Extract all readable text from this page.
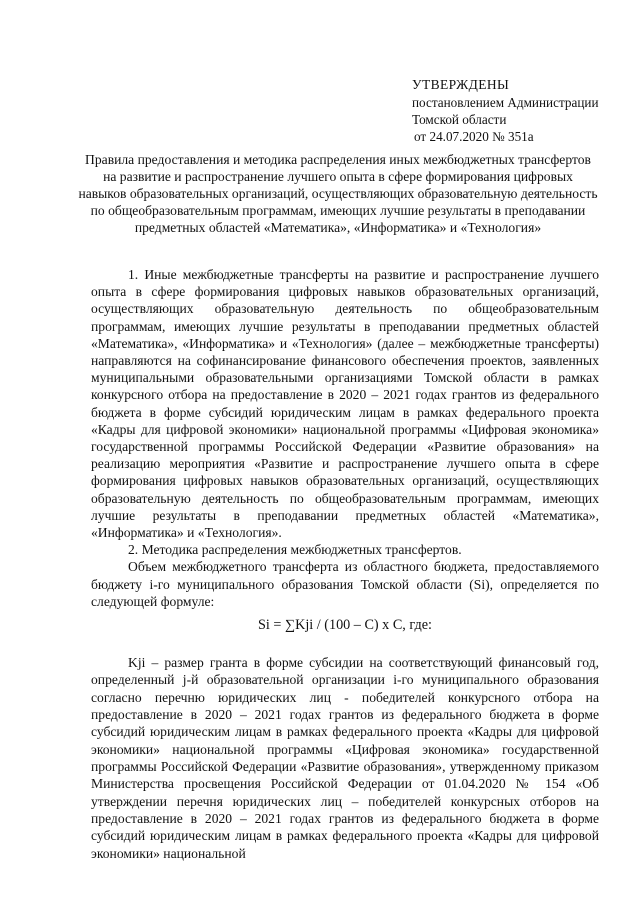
УТВЕРЖДЕНЫ
постановлением Администрации
Томской области
от 24.07.2020 № 351а
Правила предоставления и методика распределения иных межбюджетных трансфертов на развитие и распространение лучшего опыта в сфере формирования цифровых навыков образовательных организаций, осуществляющих образовательную деятельность по общеобразовательным программам, имеющих лучшие результаты в преподавании предметных областей «Математика», «Информатика» и «Технология»

1. Иные межбюджетные трансферты на развитие и распространение лучшего опыта в сфере формирования цифровых навыков образовательных организаций, осуществляющих образовательную деятельность по общеобразовательным программам, имеющих лучшие результаты в преподавании предметных областей «Математика», «Информатика» и «Технология» (далее – межбюджетные трансферты) направляются на софинансирование финансового обеспечения проектов, заявленных муниципальными образовательными организациями Томской области в рамках конкурсного отбора на предоставление в 2020 – 2021 годах грантов из федерального бюджета в форме субсидий юридическим лицам в рамках федерального проекта «Кадры для цифровой экономики» национальной программы «Цифровая экономика» государственной программы Российской Федерации «Развитие образования» на реализацию мероприятия «Развитие и распространение лучшего опыта в сфере формирования цифровых навыков образовательных организаций, осуществляющих образовательную деятельность по общеобразовательным программам, имеющих лучшие результаты в преподавании предметных областей «Математика», «Информатика» и «Технология».

2. Методика распределения межбюджетных трансфертов.

Объем межбюджетного трансферта из областного бюджета, предоставляемого бюджету i-го муниципального образования Томской области (Si), определяется по следующей формуле:

Si = ∑Kji / (100 – C) x C, где:

Kji – размер гранта в форме субсидии на соответствующий финансовый год, определенный j-й образовательной организации i-го муниципального образования согласно перечню юридических лиц - победителей конкурсного отбора на предоставление в 2020 – 2021 годах грантов из федерального бюджета в форме субсидий юридическим лицам в рамках федерального проекта «Кадры для цифровой экономики» национальной программы «Цифровая экономика» государственной программы Российской Федерации «Развитие образования», утвержденному приказом Министерства просвещения Российской Федерации от 01.04.2020 № 154 «Об утверждении перечня юридических лиц – победителей конкурсных отборов на предоставление в 2020 – 2021 годах грантов из федерального бюджета в форме субсидий юридическим лицам в рамках федерального проекта «Кадры для цифровой экономики» национальной
